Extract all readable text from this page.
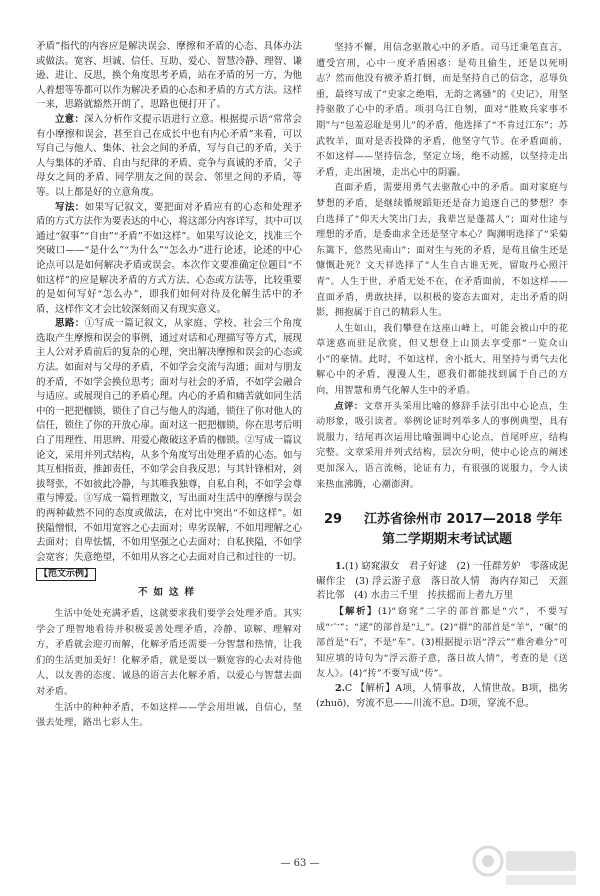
矛盾”指代的内容应是解决误会、摩擦和矛盾的心态、具体办法或做法。宽容、坦诚、信任、互助、爱心、智慧冷静、理智、谦逊、进让、反思，换个角度思考矛盾，站在矛盾的另一方，为他人着想等等都可以作为解决矛盾的心态和矛盾的方式方法。这样一来，思路就豁然开朗了，思路也便打开了。

立意：深入分析作文提示语进行立意。根据提示语“常常会有小摩擦和误会，甚至自己在成长中也有内心矛盾”来看，可以写自己与他人、集体、社会之间的矛盾，写与自己的矛盾，关于人与集体的矛盾、自由与纪律的矛盾、竞争与真诚的矛盾，父子母女之间的矛盾、同学朋友之间的误会、邻里之间的矛盾，等等。以上都是好的立意角度。

写法：如果写记叙文，要把面对矛盾应有的心态和处理矛盾的方式方法作为要表达的中心，将这部分内容详写，其中可以通过“叙事”“自由”“矛盾”不如这样”。如果写议论文，找准三个突破口——“是什么”“为什么”“怎么办”进行论述，论述的中心论点可以是如何解决矛盾或误会。本次作文要准确定位题目“不如这样”的应是解决矛盾的方式方法、心态或方法等，比较重要的是如何写好“怎么办”，即我们如何对待及化解生活中的矛盾，这样作文才会比较深刻而又有现实意义。

思路：①写成一篇记叙文，从家庭、学校、社会三个角度选取产生摩擦和误会的事例，通过对话和心理描写等方式，展现主人公对矛盾前后的复杂的心理，突出解决摩擦和误会的心态或方法。如面对与父母的矛盾，不如学会交流与沟通；面对与朋友的矛盾，不如学会换位思考；面对与社会的矛盾，不如学会融合与适应。或展现自己的矛盾心理。内心的矛盾和痛苦就如同生活中的一把把枷锁，锁住了自己与他人的沟通，锁住了你对他人的信任，锁住了你的开放心扉。面对这一把把枷锁，你在思考后明白了用理性、用思辨、用爱心敞破这矛盾的枷锁。②写成一篇议论文，采用并列式结构，从多个角度写出处理矛盾的心态。如与其互相指责，推卸责任，不如学会自我反思；与其针锋相对，剑拔弩张，不如彼此冷静，与其唯我独尊，自私自利，不如学会尊重与博爱。③写成一篇哲理散文，写出面对生活中的摩擦与误会的两种截然不同的态度或做法，在对比中突出“不如这样”。如狭隘憎恨，不如用宽容之心去面对；卑劣误解，不如用理解之心去面对；自卑怯懦，不如用坚强之心去面对；自私狭隘，不如学会宽容；失意绝望，不如用从容之心去面对自己和过往的一切。

【范文示例】
不如这样

生活中处处充满矛盾，这就要求我们要学会处理矛盾。其实学会了理智地看待并积极妥善处理矛盾，冷静、谅解、理解对方，矛盾就会迎刃而解，化解矛盾还需要一分智慧和热情，让我们的生活更加美好！化解矛盾，就是要以一颗宽容的心去对待他人，以友善的态度、诚恳的语言去化解矛盾，以爱心与智慧去面对矛盾。

生活中的种种矛盾，不如这样——学会用坦诚，自信心，坚强去处理，路出七彩人生。

坚持不懈，用信念驱散心中的矛盾。司马迁秉笔直言，遭受宫刑，心中一度矛盾困惑：是苟且偷生，还是以死明志？然而他没有被矛盾打倒，而是坚持自己的信念，忍辱负重，最终写成了“史家之绝唱，无韵之离骚”的《史记》，用坚持驱散了心中的矛盾。项羽乌江自刎，面对“胜败兵家事不期”与“包羞忍耻是男儿”的矛盾，他选择了“不肯过江东”；苏武牧羊，面对是否投降的矛盾，他坚守气节。在矛盾面前，不如这样——坚持信念，坚定立场，绝不动摇，以坚持走出矛盾，走出困境，走出心中的阴霾。

直面矛盾，需要用勇气去驱散心中的矛盾。面对家庭与梦想的矛盾，是继续循规蹈矩还是奋力追逐自己的梦想？李白选择了“仰天大笑出门去，我辈岂是蓬蒿人”；面对仕途与理想的矛盾，是委曲求全还是坚守本心？陶渊明选择了“采菊东篱下，悠然见南山”；面对生与死的矛盾，是苟且偷生还是慷慨赴死？文天祥选择了“人生自古谁无死，留取丹心照汗青”。人生于世，矛盾无处不在，在矛盾面前，不如这样——直面矛盾，勇敢抉择，以积极的姿态去面对，走出矛盾的阴影，拥抱属于自己的精彩人生。

人生如山，我们攀登在这座山峰上，可能会被山中的花草迷惑而驻足欣赏，但又想登上山顶去享受那“一览众山小”的豪情。此时，不如这样，舍小抵大，用坚持与勇气去化解心中的矛盾，漫漫人生，愿我们都能找到属于自己的方向，用智慧和勇气化解人生中的矛盾。

点评：文章开头采用比喻的修辞手法引出中心论点，生动形象，吸引读者。举例论证时列举多人的事例典型，具有说服力，结尾再次运用比喻强调中心论点，首尾呼应，结构完整。文章采用并列式结构，层次分明，使中心论点的阐述更加深入，语言流畅，论证有力，有很强的说服力，令人读来热血沸腾，心潮澎湃。

29 江苏省徐州市 2017—2018 学年
第二学期期末考试试题

1.(1) 窈窕淑女　君子好逑　(2) 一任群芳妒　零落成泥碾作尘　(3) 浮云游子意　落日故人情　海内存知己　天涯若比邻　(4) 水击三千里　抟扶摇而上者九万里

【解析】(1)“窈窕”二字的部首都是“穴”，不要写成“宀”；“逑”的部首是“辶”。(2)“群”的部首是“羊”，“碾”的部首是“石”，不是“车”。(3)根据提示语“浮云”“难舍难分”可知应填的诗句为“浮云游子意，落日故人情”，考查的是《送友人》。(4)“抟”不要写成“传”。

2.C 【解析】A项，人情事故，人情世故。B项，拙劣(zhuō)，穷流不息——川流不息。D项，穿流不息。

— 63 —
